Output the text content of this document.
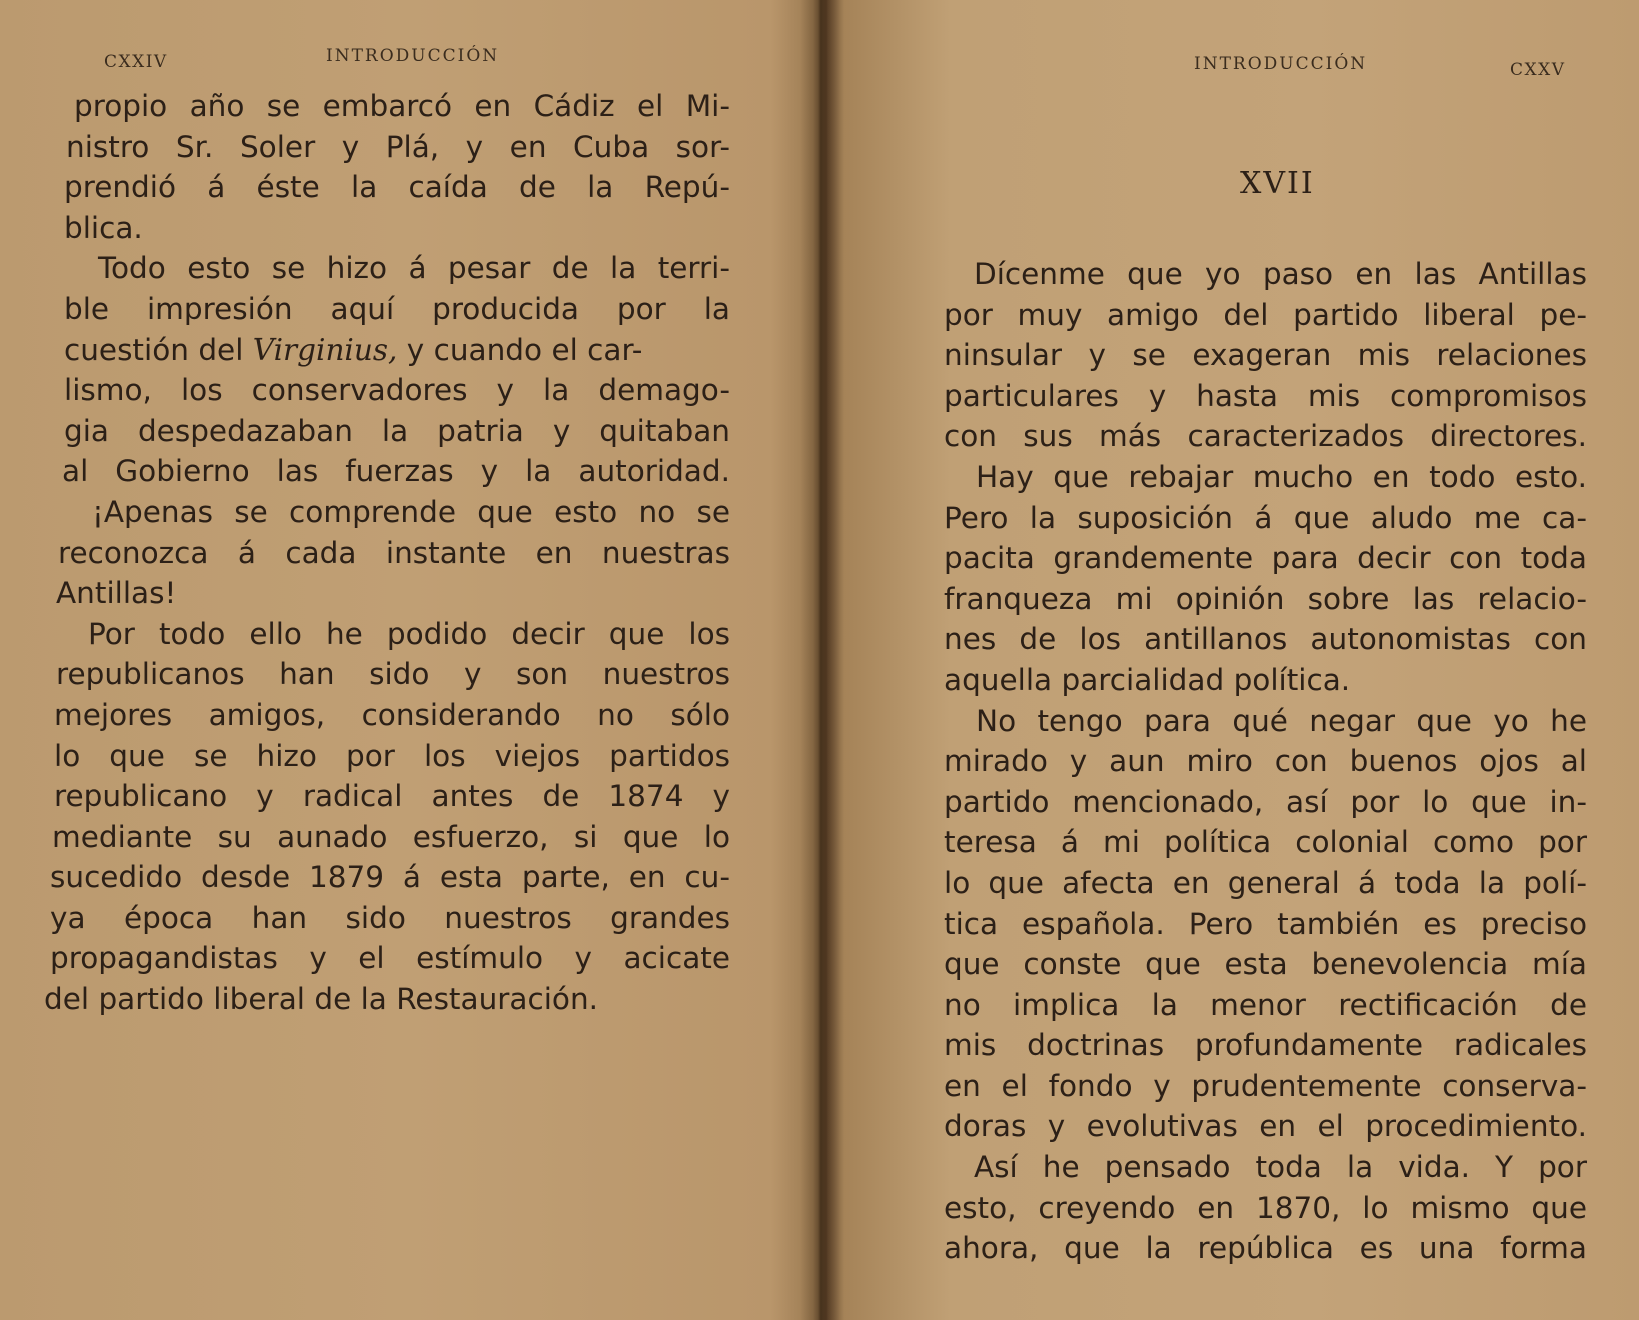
CXXIV	INTRODUCCIÓN
propio año se embarcó en Cádiz el Mi-
nistro Sr. Soler y Plá, y en Cuba sor-
prendió á éste la caída de la Repú-
blica.
Todo esto se hizo á pesar de la terri-
ble impresión aquí producida por la
cuestión del Virginius, y cuando el car-
lismo, los conservadores y la demago-
gia despedazaban la patria y quitaban
al Gobierno las fuerzas y la autoridad.
¡Apenas se comprende que esto no se
reconozca á cada instante en nuestras
Antillas!
Por todo ello he podido decir que los
republicanos han sido y son nuestros
mejores amigos, considerando no sólo
lo que se hizo por los viejos partidos
republicano y radical antes de 1874 y
mediante su aunado esfuerzo, si que lo
sucedido desde 1879 á esta parte, en cu-
ya época han sido nuestros grandes
propagandistas y el estímulo y acicate
del partido liberal de la Restauración.
INTRODUCCIÓN	CXXV
XVII
Dícenme que yo paso en las Antillas
por muy amigo del partido liberal pe-
ninsular y se exageran mis relaciones
particulares y hasta mis compromisos
con sus más caracterizados directores.
Hay que rebajar mucho en todo esto.
Pero la suposición á que aludo me ca-
pacita grandemente para decir con toda
franqueza mi opinión sobre las relacio-
nes de los antillanos autonomistas con
aquella parcialidad política.
No tengo para qué negar que yo he
mirado y aun miro con buenos ojos al
partido mencionado, así por lo que in-
teresa á mi política colonial como por
lo que afecta en general á toda la polí-
tica española. Pero también es preciso
que conste que esta benevolencia mía
no implica la menor rectificación de
mis doctrinas profundamente radicales
en el fondo y prudentemente conserva-
doras y evolutivas en el procedimiento.
Así he pensado toda la vida. Y por
esto, creyendo en 1870, lo mismo que
ahora, que la república es una forma
